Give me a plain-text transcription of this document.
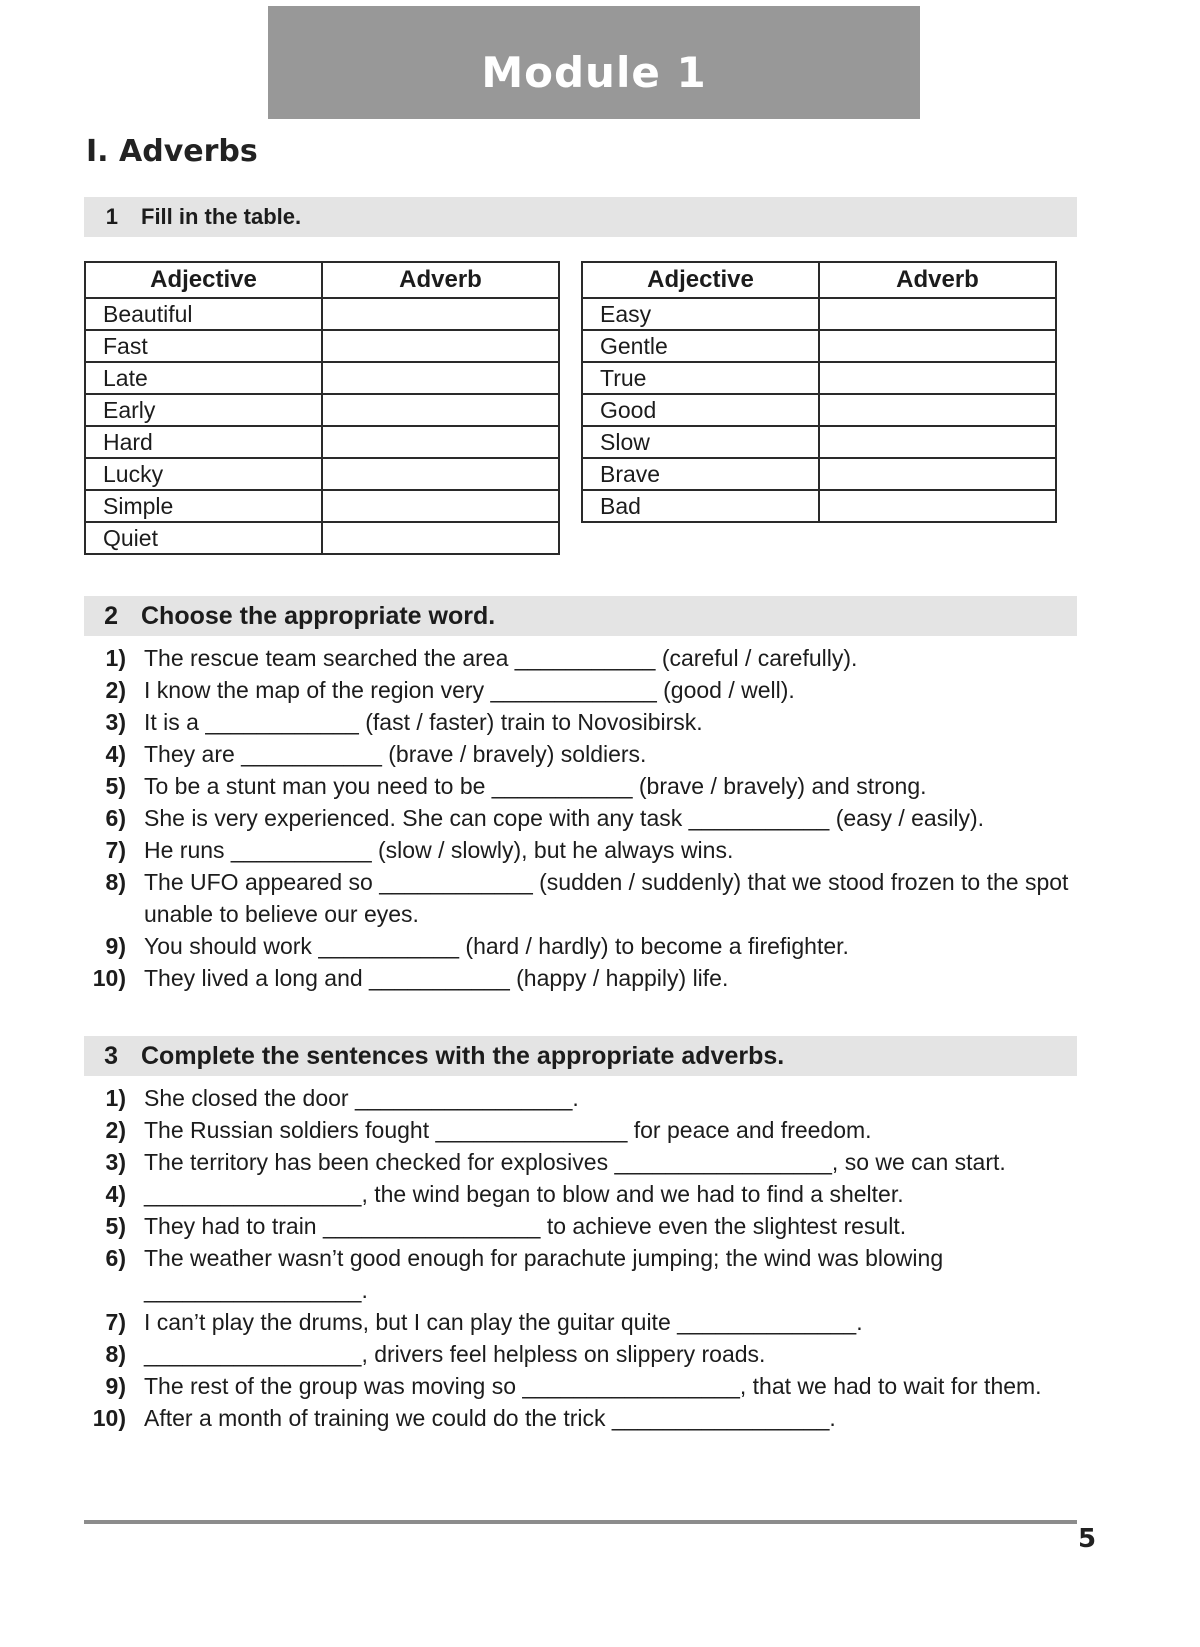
Module 1
I. Adverbs
1	Fill in the table.
Adjective	Adverb
Beautiful	
Fast	
Late	
Early	
Hard	
Lucky	
Simple	
Quiet	
Adjective	Adverb
Easy	
Gentle	
True	
Good	
Slow	
Brave	
Bad	
2 Choose the appropriate word.
1) The rescue team searched the area ___________ (careful / carefully).
2) I know the map of the region very _____________ (good / well).
3) It is a ____________ (fast / faster) train to Novosibirsk.
4) They are ___________ (brave / bravely) soldiers.
5) To be a stunt man you need to be ___________ (brave / bravely) and strong.
6) She is very experienced. She can cope with any task ___________ (easy / easily).
7) He runs ___________ (slow / slowly), but he always wins.
8) The UFO appeared so ____________ (sudden / suddenly) that we stood frozen to the spot unable to believe our eyes.
9) You should work ___________ (hard / hardly) to become a firefighter.
10) They lived a long and ___________ (happy / happily) life.
3 Complete the sentences with the appropriate adverbs.
1) She closed the door _________________.
2) The Russian soldiers fought _______________ for peace and freedom.
3) The territory has been checked for explosives _________________, so we can start.
4) _________________, the wind began to blow and we had to find a shelter.
5) They had to train _________________ to achieve even the slightest result.
6) The weather wasn’t good enough for parachute jumping; the wind was blowing _________________.
7) I can’t play the drums, but I can play the guitar quite ______________.
8) _________________, drivers feel helpless on slippery roads.
9) The rest of the group was moving so _________________, that we had to wait for them.
10) After a month of training we could do the trick _________________.
5
